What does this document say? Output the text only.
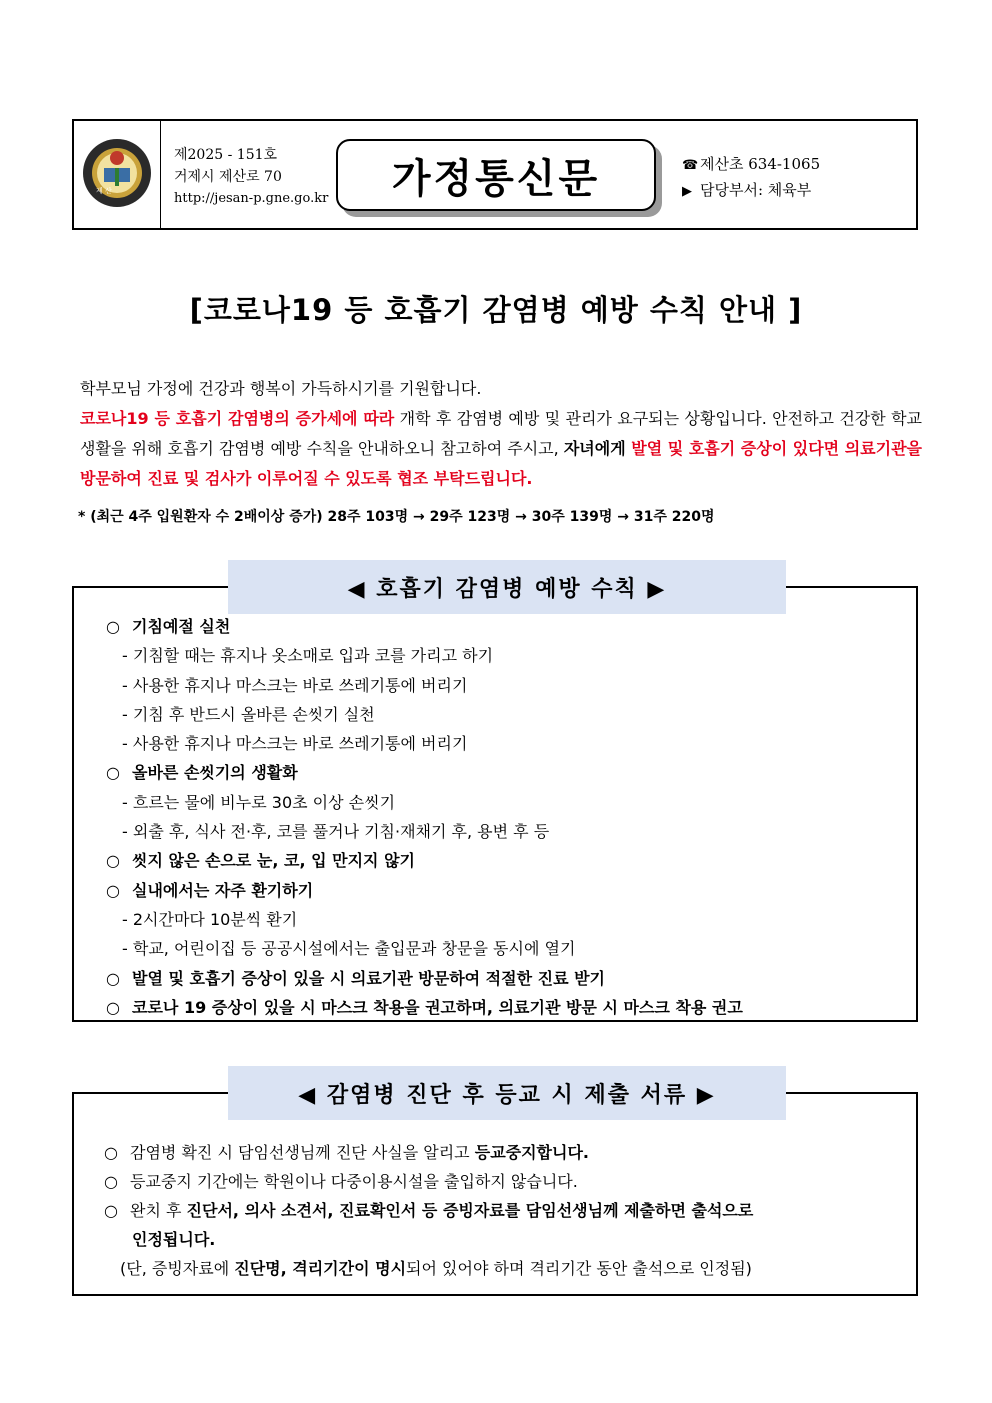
제 산
제2025 - 151호
거제시 제산로 70
http://jesan-p.gne.go.kr	가정통신문	☎ 제산초 634-1065
▶ 담당부서: 체육부
[코로나19 등 호흡기 감염병 예방 수칙 안내 ]

학부모님 가정에 건강과 행복이 가득하시기를 기원합니다.

코로나19 등 호흡기 감염병의 증가세에 따라 개학 후 감염병 예방 및 관리가 요구되는 상황입니다. 안전하고 건강한 학교생활을 위해 호흡기 감염병 예방 수칙을 안내하오니 참고하여 주시고, 자녀에게 발열 및 호흡기 증상이 있다면 의료기관을 방문하여 진료 및 검사가 이루어질 수 있도록 협조 부탁드립니다.

* (최근 4주 입원환자 수 2배이상 증가) 28주 103명 → 29주 123명 → 30주 139명 → 31주 220명
◀ 호흡기 감염병 예방 수칙 ▶
○ 기침예절 실천
- 기침할 때는 휴지나 옷소매로 입과 코를 가리고 하기
- 사용한 휴지나 마스크는 바로 쓰레기통에 버리기
- 기침 후 반드시 올바른 손씻기 실천
- 사용한 휴지나 마스크는 바로 쓰레기통에 버리기
○ 올바른 손씻기의 생활화
- 흐르는 물에 비누로 30초 이상 손씻기
- 외출 후, 식사 전·후, 코를 풀거나 기침·재채기 후, 용변 후 등
○ 씻지 않은 손으로 눈, 코, 입 만지지 않기
○ 실내에서는 자주 환기하기
- 2시간마다 10분씩 환기
- 학교, 어린이집 등 공공시설에서는 출입문과 창문을 동시에 열기
○ 발열 및 호흡기 증상이 있을 시 의료기관 방문하여 적절한 진료 받기
○ 코로나 19 증상이 있을 시 마스크 착용을 권고하며, 의료기관 방문 시 마스크 착용 권고
◀ 감염병 진단 후 등교 시 제출 서류 ▶
○ 감염병 확진 시 담임선생님께 진단 사실을 알리고 등교중지합니다.
○ 등교중지 기간에는 학원이나 다중이용시설을 출입하지 않습니다.
○ 완치 후 진단서, 의사 소견서, 진료확인서 등 증빙자료를 담임선생님께 제출하면 출석으로
인정됩니다.
(단, 증빙자료에 진단명, 격리기간이 명시되어 있어야 하며 격리기간 동안 출석으로 인정됨)
